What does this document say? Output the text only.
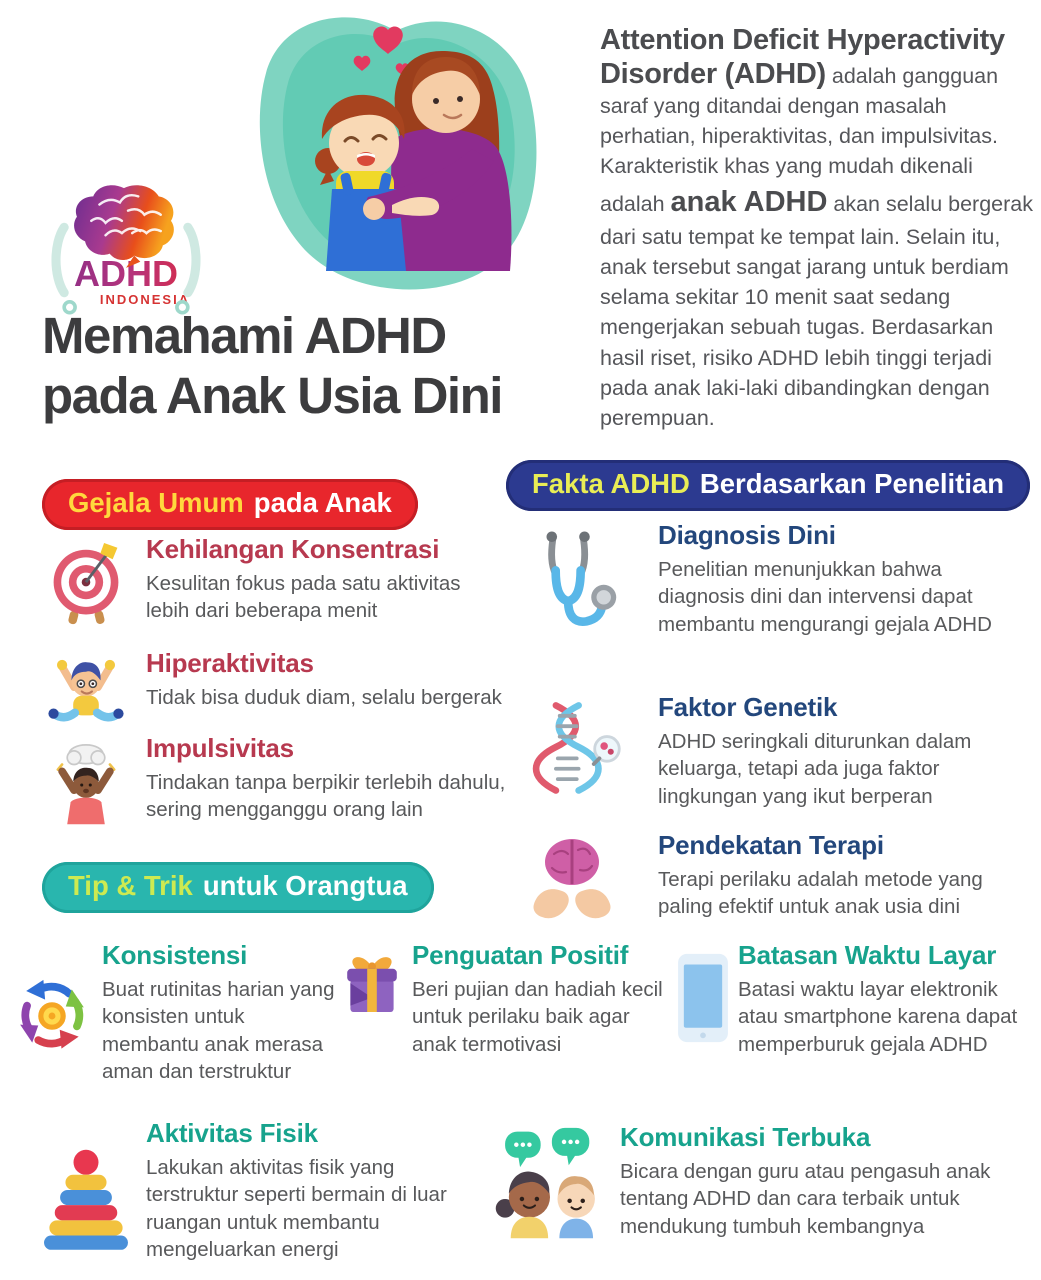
ADHD
INDONESIA

Attention Deficit Hyperactivity Disorder (ADHD) adalah gangguan saraf yang ditandai dengan masalah perhatian, hiperaktivitas, dan impulsivitas. Karakteristik khas yang mudah dikenali adalah anak ADHD akan selalu bergerak dari satu tempat ke tempat lain. Selain itu, anak tersebut sangat jarang untuk berdiam selama sekitar 10 menit saat sedang mengerjakan sebuah tugas. Berdasarkan hasil riset, risiko ADHD lebih tinggi terjadi pada anak laki-laki dibandingkan dengan perempuan.

Memahami ADHD
pada Anak Usia Dini
Gejala Umum pada Anak
Kehilangan Konsentrasi

Kesulitan fokus pada satu aktivitas lebih dari beberapa menit

Hiperaktivitas

Tidak bisa duduk diam, selalu bergerak

Impulsivitas

Tindakan tanpa berpikir terlebih dahulu, sering mengganggu orang lain

Fakta ADHD Berdasarkan Penelitian
Diagnosis Dini

Penelitian menunjukkan bahwa diagnosis dini dan intervensi dapat membantu mengurangi gejala ADHD

Faktor Genetik

ADHD seringkali diturunkan dalam keluarga, tetapi ada juga faktor lingkungan yang ikut berperan

Pendekatan Terapi

Terapi perilaku adalah metode yang paling efektif untuk anak usia dini

Tip & Trik untuk Orangtua
Konsistensi

Buat rutinitas harian yang konsisten untuk membantu anak merasa aman dan terstruktur

Penguatan Positif

Beri pujian dan hadiah kecil untuk perilaku baik agar anak termotivasi

Batasan Waktu Layar

Batasi waktu layar elektronik atau smartphone karena dapat memperburuk gejala ADHD

Aktivitas Fisik

Lakukan aktivitas fisik yang terstruktur seperti bermain di luar ruangan untuk membantu mengeluarkan energi

Komunikasi Terbuka

Bicara dengan guru atau pengasuh anak tentang ADHD dan cara terbaik untuk mendukung tumbuh kembangnya
